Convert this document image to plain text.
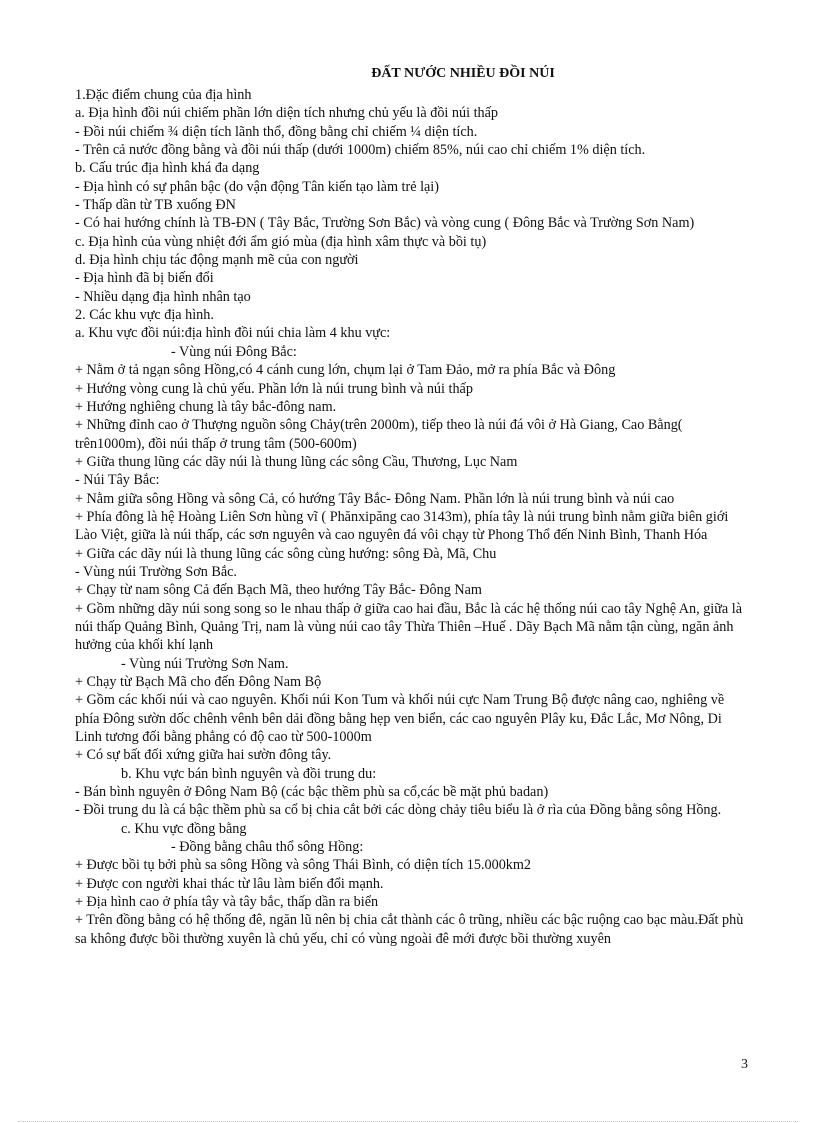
ĐẤT NƯỚC NHIỀU ĐỒI NÚI
1.Đặc điểm chung của địa hình
a. Địa hình đồi núi chiếm phần lớn diện tích nhưng chủ yếu là đồi núi thấp
- Đồi núi chiếm ¾ diện tích lãnh thổ, đồng bằng chỉ chiếm ¼ diện tích.
- Trên cả nước đồng bằng và đồi núi thấp (dưới 1000m) chiếm 85%, núi cao chỉ chiếm 1% diện tích.
b. Cấu trúc địa hình khá đa dạng
- Địa hình có sự phân bậc (do vận động Tân kiến tạo làm trẻ lại)
- Thấp dần từ TB xuống ĐN
- Có hai hướng chính là TB-ĐN ( Tây Bắc, Trường Sơn Bắc) và vòng cung ( Đông Bắc và Trường Sơn Nam)
c. Địa hình của vùng nhiệt đới ẩm gió mùa (địa hình xâm thực và bồi tụ)
d. Địa hình chịu tác động mạnh mẽ của con người
- Địa hình đã bị biến đổi
- Nhiều dạng địa hình nhân tạo
2. Các khu vực địa hình.
a. Khu vực đồi núi:địa hình đồi núi chia làm 4 khu vực:
- Vùng núi Đông Bắc:
+ Nằm ở tả ngạn sông Hồng,có 4 cánh cung lớn, chụm lại ở Tam Đảo, mở ra phía Bắc và Đông
+ Hướng vòng cung là chủ yếu. Phần lớn là núi trung bình và núi thấp
+ Hướng nghiêng chung là tây bắc-đông nam.
+ Những đỉnh cao ở Thượng nguồn sông Chảy(trên 2000m), tiếp theo là núi đá vôi ở Hà Giang, Cao Bằng( trên1000m), đồi núi thấp ở trung tâm (500-600m)
+ Giữa thung lũng các dãy núi là thung lũng các sông Cầu, Thương, Lục Nam
- Núi Tây Bắc:
+ Nằm giữa sông Hồng và sông Cả, có hướng Tây Bắc- Đông Nam. Phần lớn là núi trung bình và núi cao
+ Phía đông là hệ Hoàng Liên Sơn hùng vĩ ( Phănxipăng cao 3143m), phía tây là núi trung bình nằm giữa biên giới Lào Việt, giữa là núi thấp, các sơn nguyên và cao nguyên đá vôi chạy từ Phong Thổ đến Ninh Bình, Thanh Hóa
+ Giữa các dãy núi là thung lũng các sông cùng hướng: sông Đà, Mã, Chu
- Vùng núi Trường Sơn Bắc.
+ Chạy từ nam sông Cả đến Bạch Mã, theo hướng Tây Bắc- Đông Nam
+ Gồm những dãy núi song song so le nhau thấp ở giữa cao hai đầu, Bắc là các hệ thống núi cao tây Nghệ An, giữa là núi thấp Quảng Bình, Quảng Trị, nam là vùng núi cao tây Thừa Thiên –Huế . Dãy Bạch Mã nằm tận cùng, ngăn ảnh hưởng của khối khí lạnh
- Vùng núi Trường Sơn Nam.
+ Chạy từ Bạch Mã cho đến Đông Nam Bộ
+ Gồm các khối núi và cao nguyên. Khối núi Kon Tum và khối núi cực Nam Trung Bộ được nâng cao, nghiêng về phía Đông sườn dốc chênh vênh bên dải đồng bằng hẹp ven biển, các cao nguyên Plây ku, Đắc Lắc, Mơ Nông, Di Linh tương đối bằng phẳng có độ cao từ 500-1000m
+ Có sự bất đối xứng giữa hai sườn đông tây.
b. Khu vực bán bình nguyên và đồi trung du:
- Bán bình nguyên ở Đông Nam Bộ (các bậc thềm phù sa cổ,các bề mặt phủ badan)
- Đồi trung du là cá bậc thềm phù sa cổ bị chia cắt bởi các dòng chảy tiêu biểu là ở rìa của Đồng bằng sông Hồng.
c. Khu vực đồng bằng
- Đồng bằng châu thổ sông Hồng:
+ Được bồi tụ bởi phù sa sông Hồng và sông Thái Bình, có diện tích 15.000km2
+ Được con người khai thác từ lâu làm biến đổi mạnh.
+ Địa hình cao ở phía tây và tây bắc, thấp dần ra biển
+ Trên đồng bằng có hệ thống đê, ngăn lũ nên bị chia cắt thành các ô trũng, nhiều các bậc ruộng cao bạc màu.Đất phù sa không được bồi thường xuyên là chủ yếu, chỉ có vùng ngoài đê mới được bồi thường xuyên
3
